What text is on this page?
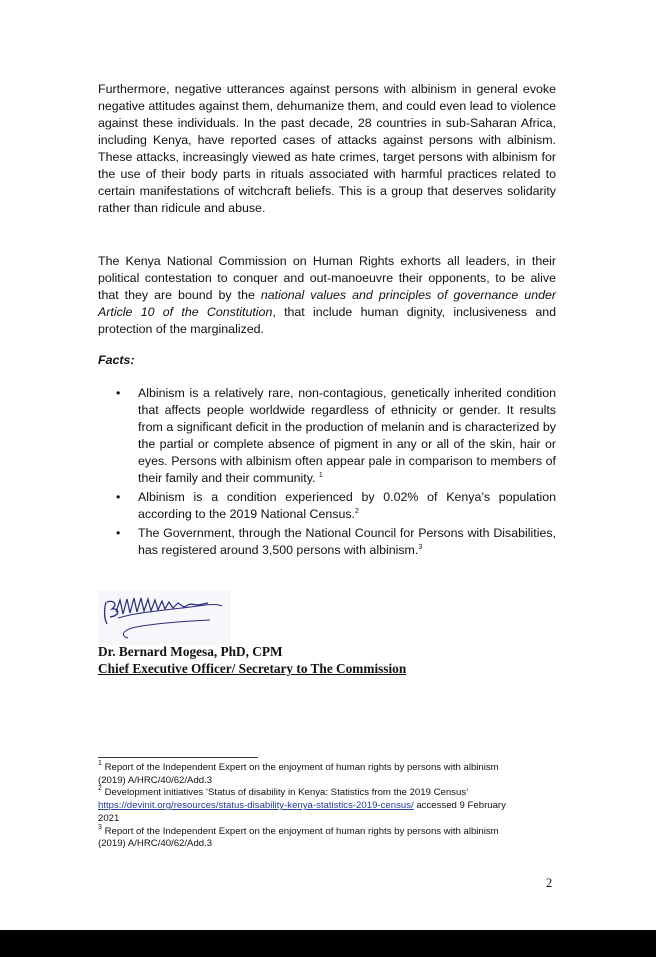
Furthermore, negative utterances against persons with albinism in general evoke negative attitudes against them, dehumanize them, and could even lead to violence against these individuals. In the past decade, 28 countries in sub-Saharan Africa, including Kenya, have reported cases of attacks against persons with albinism. These attacks, increasingly viewed as hate crimes, target persons with albinism for the use of their body parts in rituals associated with harmful practices related to certain manifestations of witchcraft beliefs. This is a group that deserves solidarity rather than ridicule and abuse.

The Kenya National Commission on Human Rights exhorts all leaders, in their political contestation to conquer and out-manoeuvre their opponents, to be alive that they are bound by the national values and principles of governance under Article 10 of the Constitution, that include human dignity, inclusiveness and protection of the marginalized.

Facts:
• Albinism is a relatively rare, non-contagious, genetically inherited condition that affects people worldwide regardless of ethnicity or gender. It results from a significant deficit in the production of melanin and is characterized by the partial or complete absence of pigment in any or all of the skin, hair or eyes. Persons with albinism often appear pale in comparison to members of their family and their community. $^1$
• Albinism is a condition experienced by 0.02% of Kenya’s population according to the 2019 National Census.$^2$
• The Government, through the National Council for Persons with Disabilities, has registered around 3,500 persons with albinism.$^3$
Dr. Bernard Mogesa, PhD, CPM
Chief Executive Officer/ Secretary to The Commission
$^1$ Report of the Independent Expert on the enjoyment of human rights by persons with albinism (2019) A/HRC/40/62/Add.3
$^2$ Development initiatives ‘Status of disability in Kenya: Statistics from the 2019 Census’ https://devinit.org/resources/status-disability-kenya-statistics-2019-census/ accessed 9 February 2021
$^3$ Report of the Independent Expert on the enjoyment of human rights by persons with albinism (2019) A/HRC/40/62/Add.3
2
